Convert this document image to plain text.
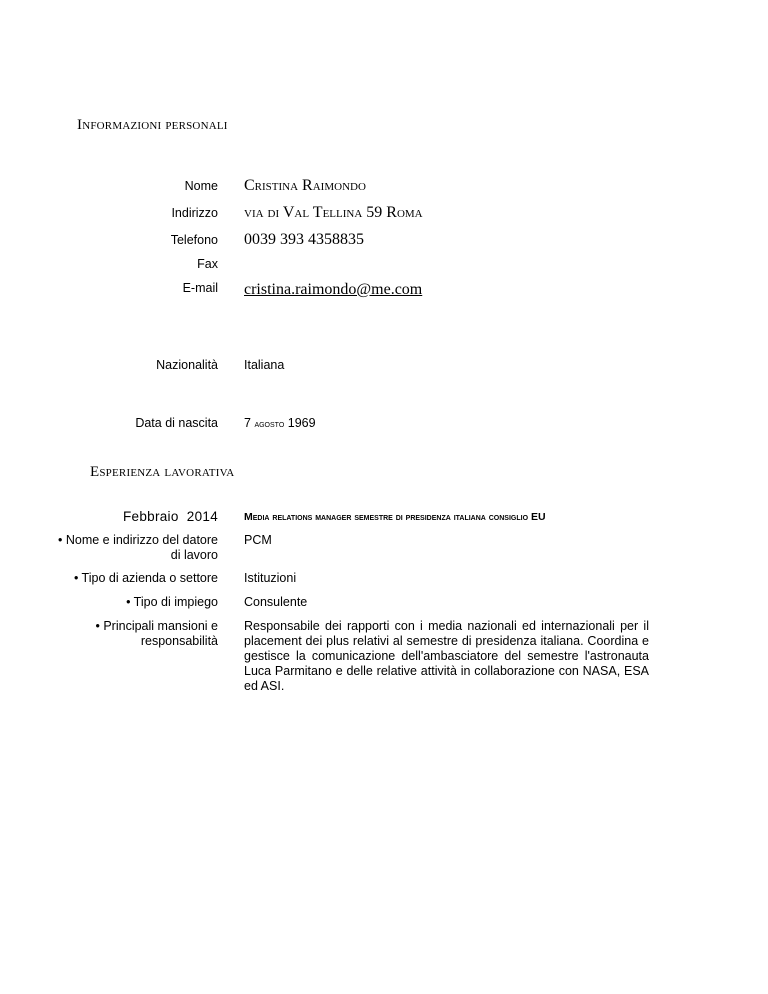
Informazioni personali
Nome Cristina Raimondo
Indirizzo via di Val Tellina 59 Roma
Telefono 0039 393 4358835
Fax
E-mail cristina.raimondo@me.com
Nazionalità Italiana
Data di nascita 7 agosto 1969
Esperienza lavorativa
Febbraio  2014 Media relations manager semestre di presidenza italiana consiglio EU
• Nome e indirizzo del datore di lavoro
PCM
• Tipo di azienda o settore Istituzioni
• Tipo di impiego Consulente
• Principali mansioni e responsabilità
Responsabile dei rapporti con i media nazionali ed internazionali per il placement dei plus relativi al semestre di presidenza italiana. Coordina e gestisce la comunicazione dell'ambasciatore del semestre l'astronauta Luca Parmitano e delle relative attività in collaborazione con NASA, ESA ed ASI.
